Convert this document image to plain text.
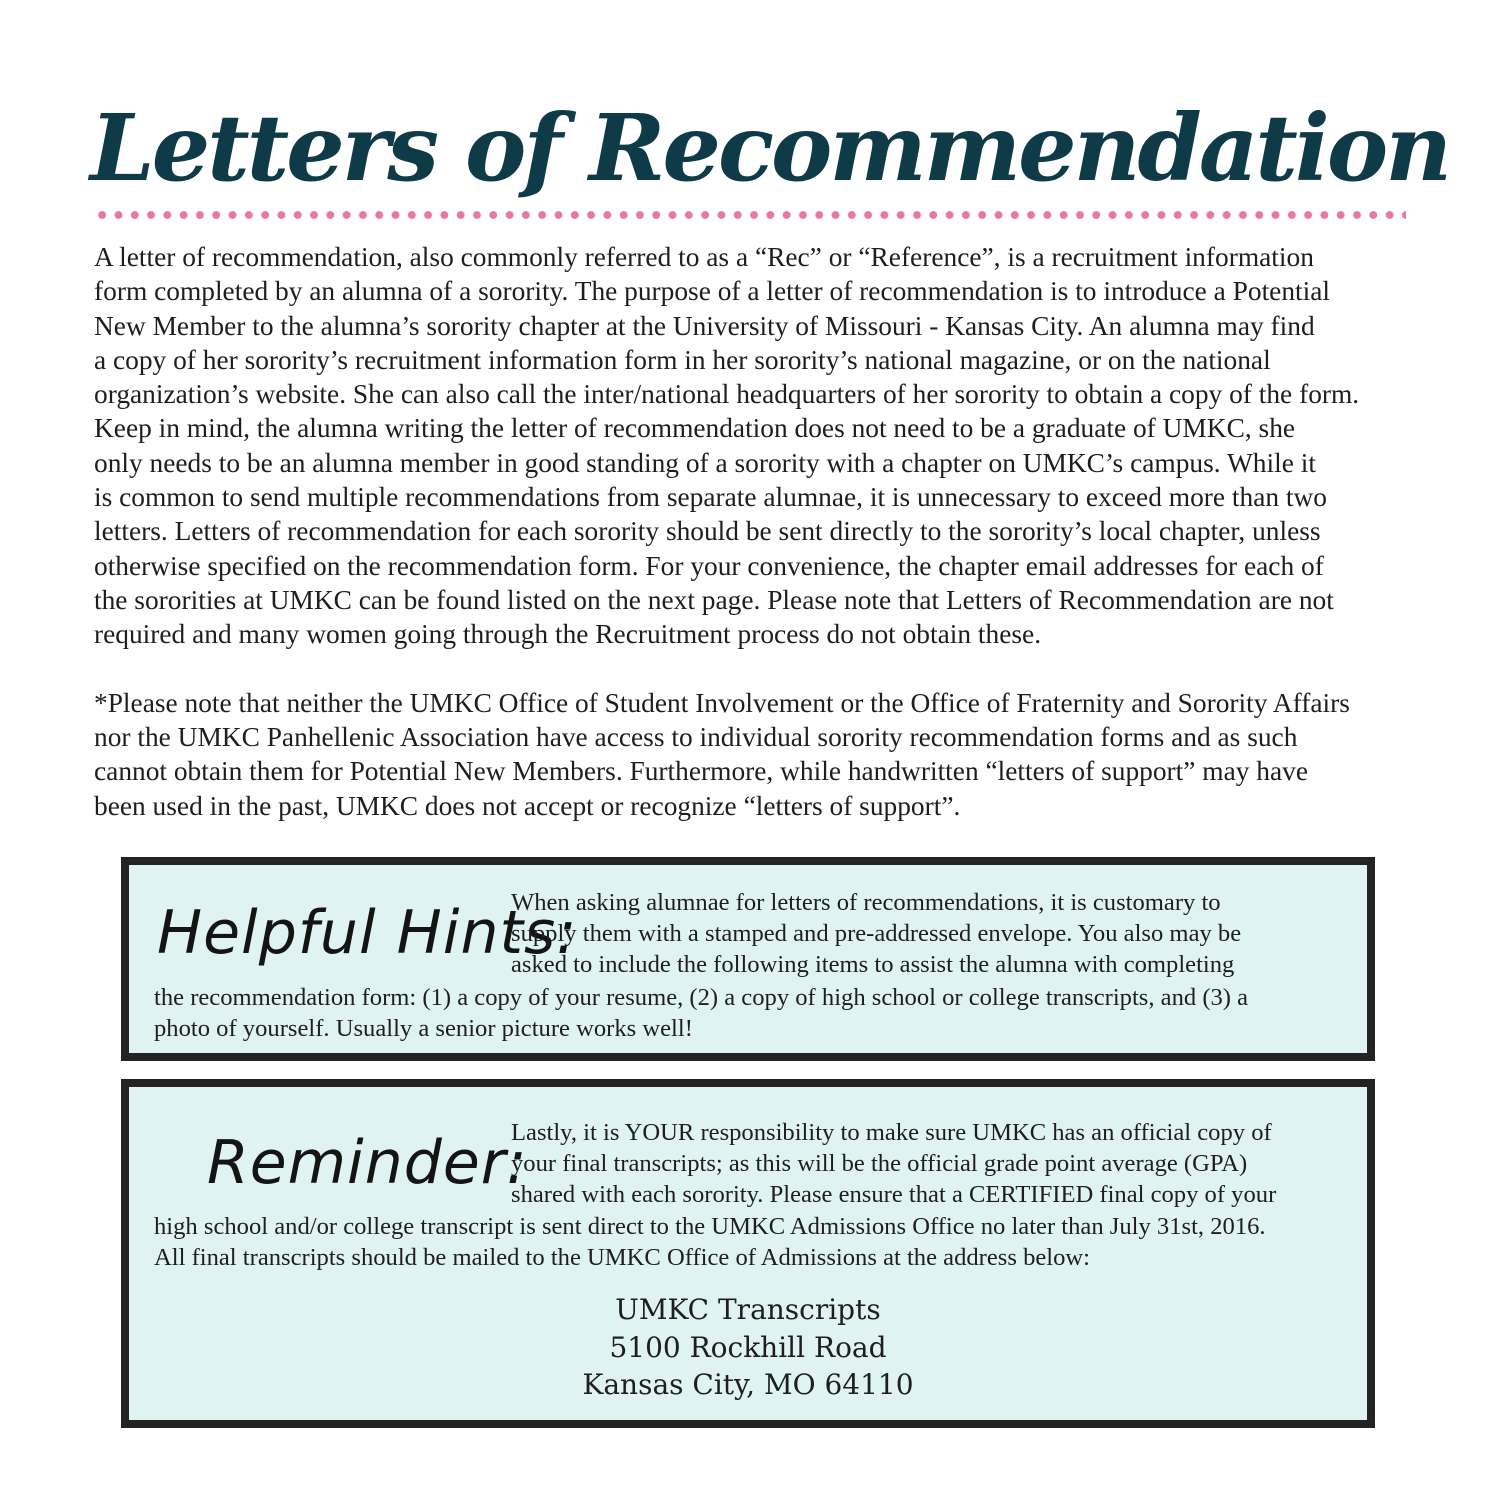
Letters of Recommendation
A letter of recommendation, also commonly referred to as a “Rec” or “Reference”, is a recruitment information
form completed by an alumna of a sorority. The purpose of a letter of recommendation is to introduce a Potential
New Member to the alumna’s sorority chapter at the University of Missouri - Kansas City. An alumna may find
a copy of her sorority’s recruitment information form in her sorority’s national magazine, or on the national
organization’s website. She can also call the inter/national headquarters of her sorority to obtain a copy of the form.
Keep in mind, the alumna writing the letter of recommendation does not need to be a graduate of UMKC, she
only needs to be an alumna member in good standing of a sorority with a chapter on UMKC’s campus. While it
is common to send multiple recommendations from separate alumnae, it is unnecessary to exceed more than two
letters. Letters of recommendation for each sorority should be sent directly to the sorority’s local chapter, unless
otherwise specified on the recommendation form. For your convenience, the chapter email addresses for each of
the sororities at UMKC can be found listed on the next page. Please note that Letters of Recommendation are not
required and many women going through the Recruitment process do not obtain these.
*Please note that neither the UMKC Office of Student Involvement or the Office of Fraternity and Sorority Affairs
nor the UMKC Panhellenic Association have access to individual sorority recommendation forms and as such
cannot obtain them for Potential New Members. Furthermore, while handwritten “letters of support” may have
been used in the past, UMKC does not accept or recognize “letters of support”.
Helpful Hints:
When asking alumnae for letters of recommendations, it is customary to
supply them with a stamped and pre-addressed envelope. You also may be
asked to include the following items to assist the alumna with completing
the recommendation form: (1) a copy of your resume, (2) a copy of high school or college transcripts, and (3) a
photo of yourself. Usually a senior picture works well!
Reminder:
Lastly, it is YOUR responsibility to make sure UMKC has an official copy of
your final transcripts; as this will be the official grade point average (GPA)
shared with each sorority. Please ensure that a CERTIFIED final copy of your
high school and/or college transcript is sent direct to the UMKC Admissions Office no later than July 31st, 2016.
All final transcripts should be mailed to the UMKC Office of Admissions at the address below:
UMKC Transcripts
5100 Rockhill Road
Kansas City, MO 64110
